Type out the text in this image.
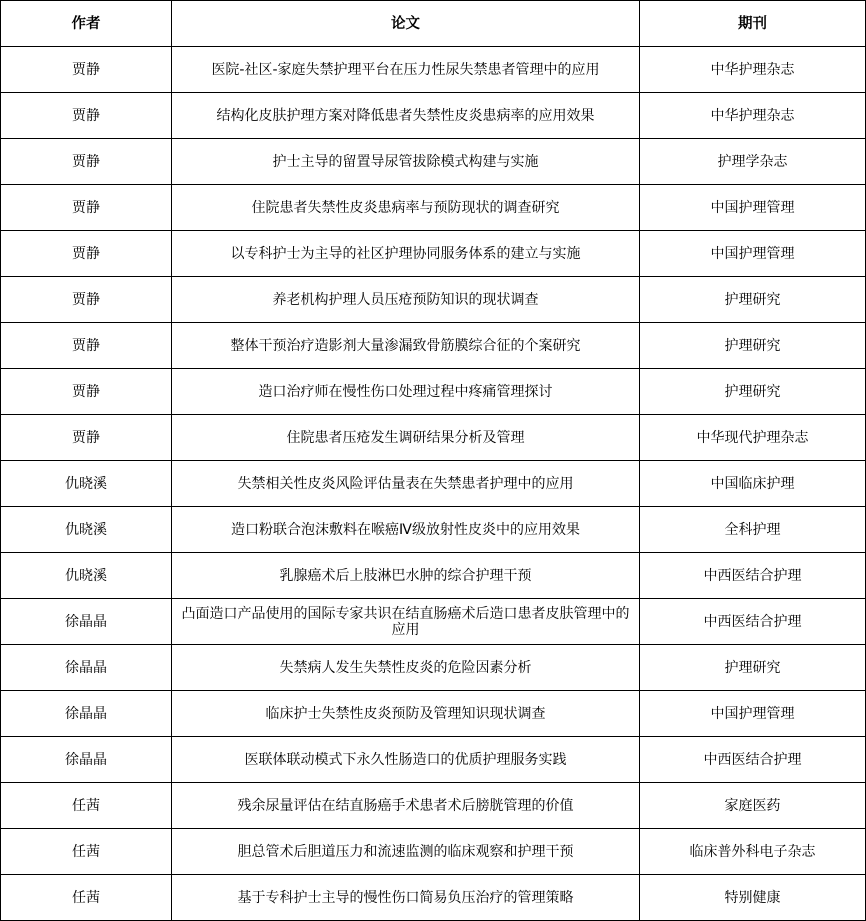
作者	论文	期刊
贾静	医院-社区-家庭失禁护理平台在压力性尿失禁患者管理中的应用	中华护理杂志
贾静	结构化皮肤护理方案对降低患者失禁性皮炎患病率的应用效果	中华护理杂志
贾静	护士主导的留置导尿管拔除模式构建与实施	护理学杂志
贾静	住院患者失禁性皮炎患病率与预防现状的调查研究	中国护理管理
贾静	以专科护士为主导的社区护理协同服务体系的建立与实施	中国护理管理
贾静	养老机构护理人员压疮预防知识的现状调查	护理研究
贾静	整体干预治疗造影剂大量渗漏致骨筋膜综合征的个案研究	护理研究
贾静	造口治疗师在慢性伤口处理过程中疼痛管理探讨	护理研究
贾静	住院患者压疮发生调研结果分析及管理	中华现代护理杂志
仇晓溪	失禁相关性皮炎风险评估量表在失禁患者护理中的应用	中国临床护理
仇晓溪	造口粉联合泡沫敷料在喉癌Ⅳ级放射性皮炎中的应用效果	全科护理
仇晓溪	乳腺癌术后上肢淋巴水肿的综合护理干预	中西医结合护理
徐晶晶	凸面造口产品使用的国际专家共识在结直肠癌术后造口患者皮肤管理中的应用	中西医结合护理
徐晶晶	失禁病人发生失禁性皮炎的危险因素分析	护理研究
徐晶晶	临床护士失禁性皮炎预防及管理知识现状调查	中国护理管理
徐晶晶	医联体联动模式下永久性肠造口的优质护理服务实践	中西医结合护理
任茜	残余尿量评估在结直肠癌手术患者术后膀胱管理的价值	家庭医药
任茜	胆总管术后胆道压力和流速监测的临床观察和护理干预	临床普外科电子杂志
任茜	基于专科护士主导的慢性伤口简易负压治疗的管理策略	特别健康
